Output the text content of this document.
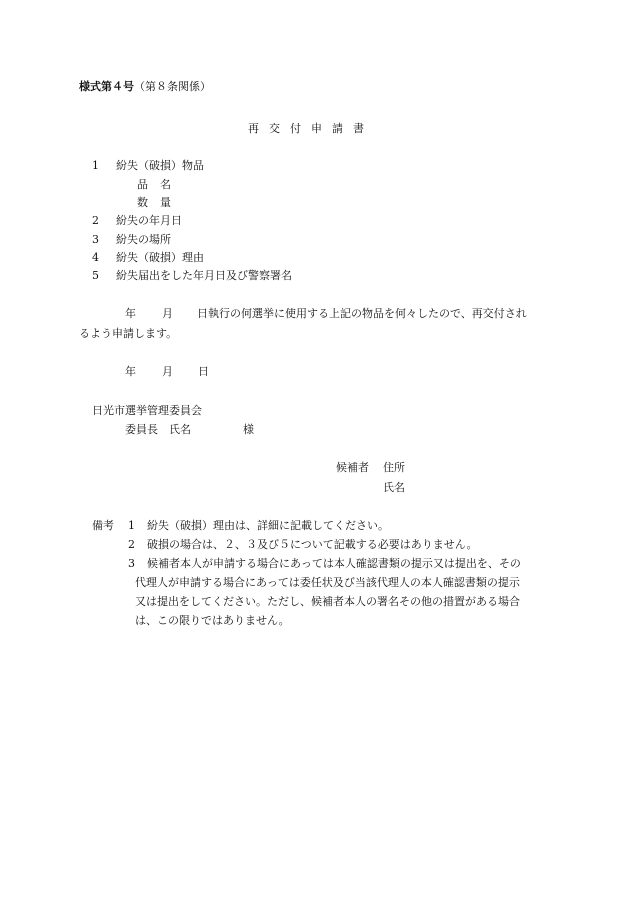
様式第４号（第８条関係）
再交付申請書
1 紛失（破損）物品
品名
数量
2 紛失の年月日
3 紛失の場所
4 紛失（破損）理由
5 紛失届出をした年月日及び警察署名
年 月 日執行の何選挙に使用する上記の物品を何々したので、再交付され
るよう申請します。
年 月 日
日光市選挙管理委員会
委員長　氏名	様
候補者 住所
氏名
備考 1 紛失（破損）理由は、詳細に記載してください。
2 破損の場合は、２、３及び５について記載する必要はありません。
3 候補者本人が申請する場合にあっては本人確認書類の提示又は提出を、その
代理人が申請する場合にあっては委任状及び当該代理人の本人確認書類の提示
又は提出をしてください。ただし、候補者本人の署名その他の措置がある場合
は、この限りではありません。
